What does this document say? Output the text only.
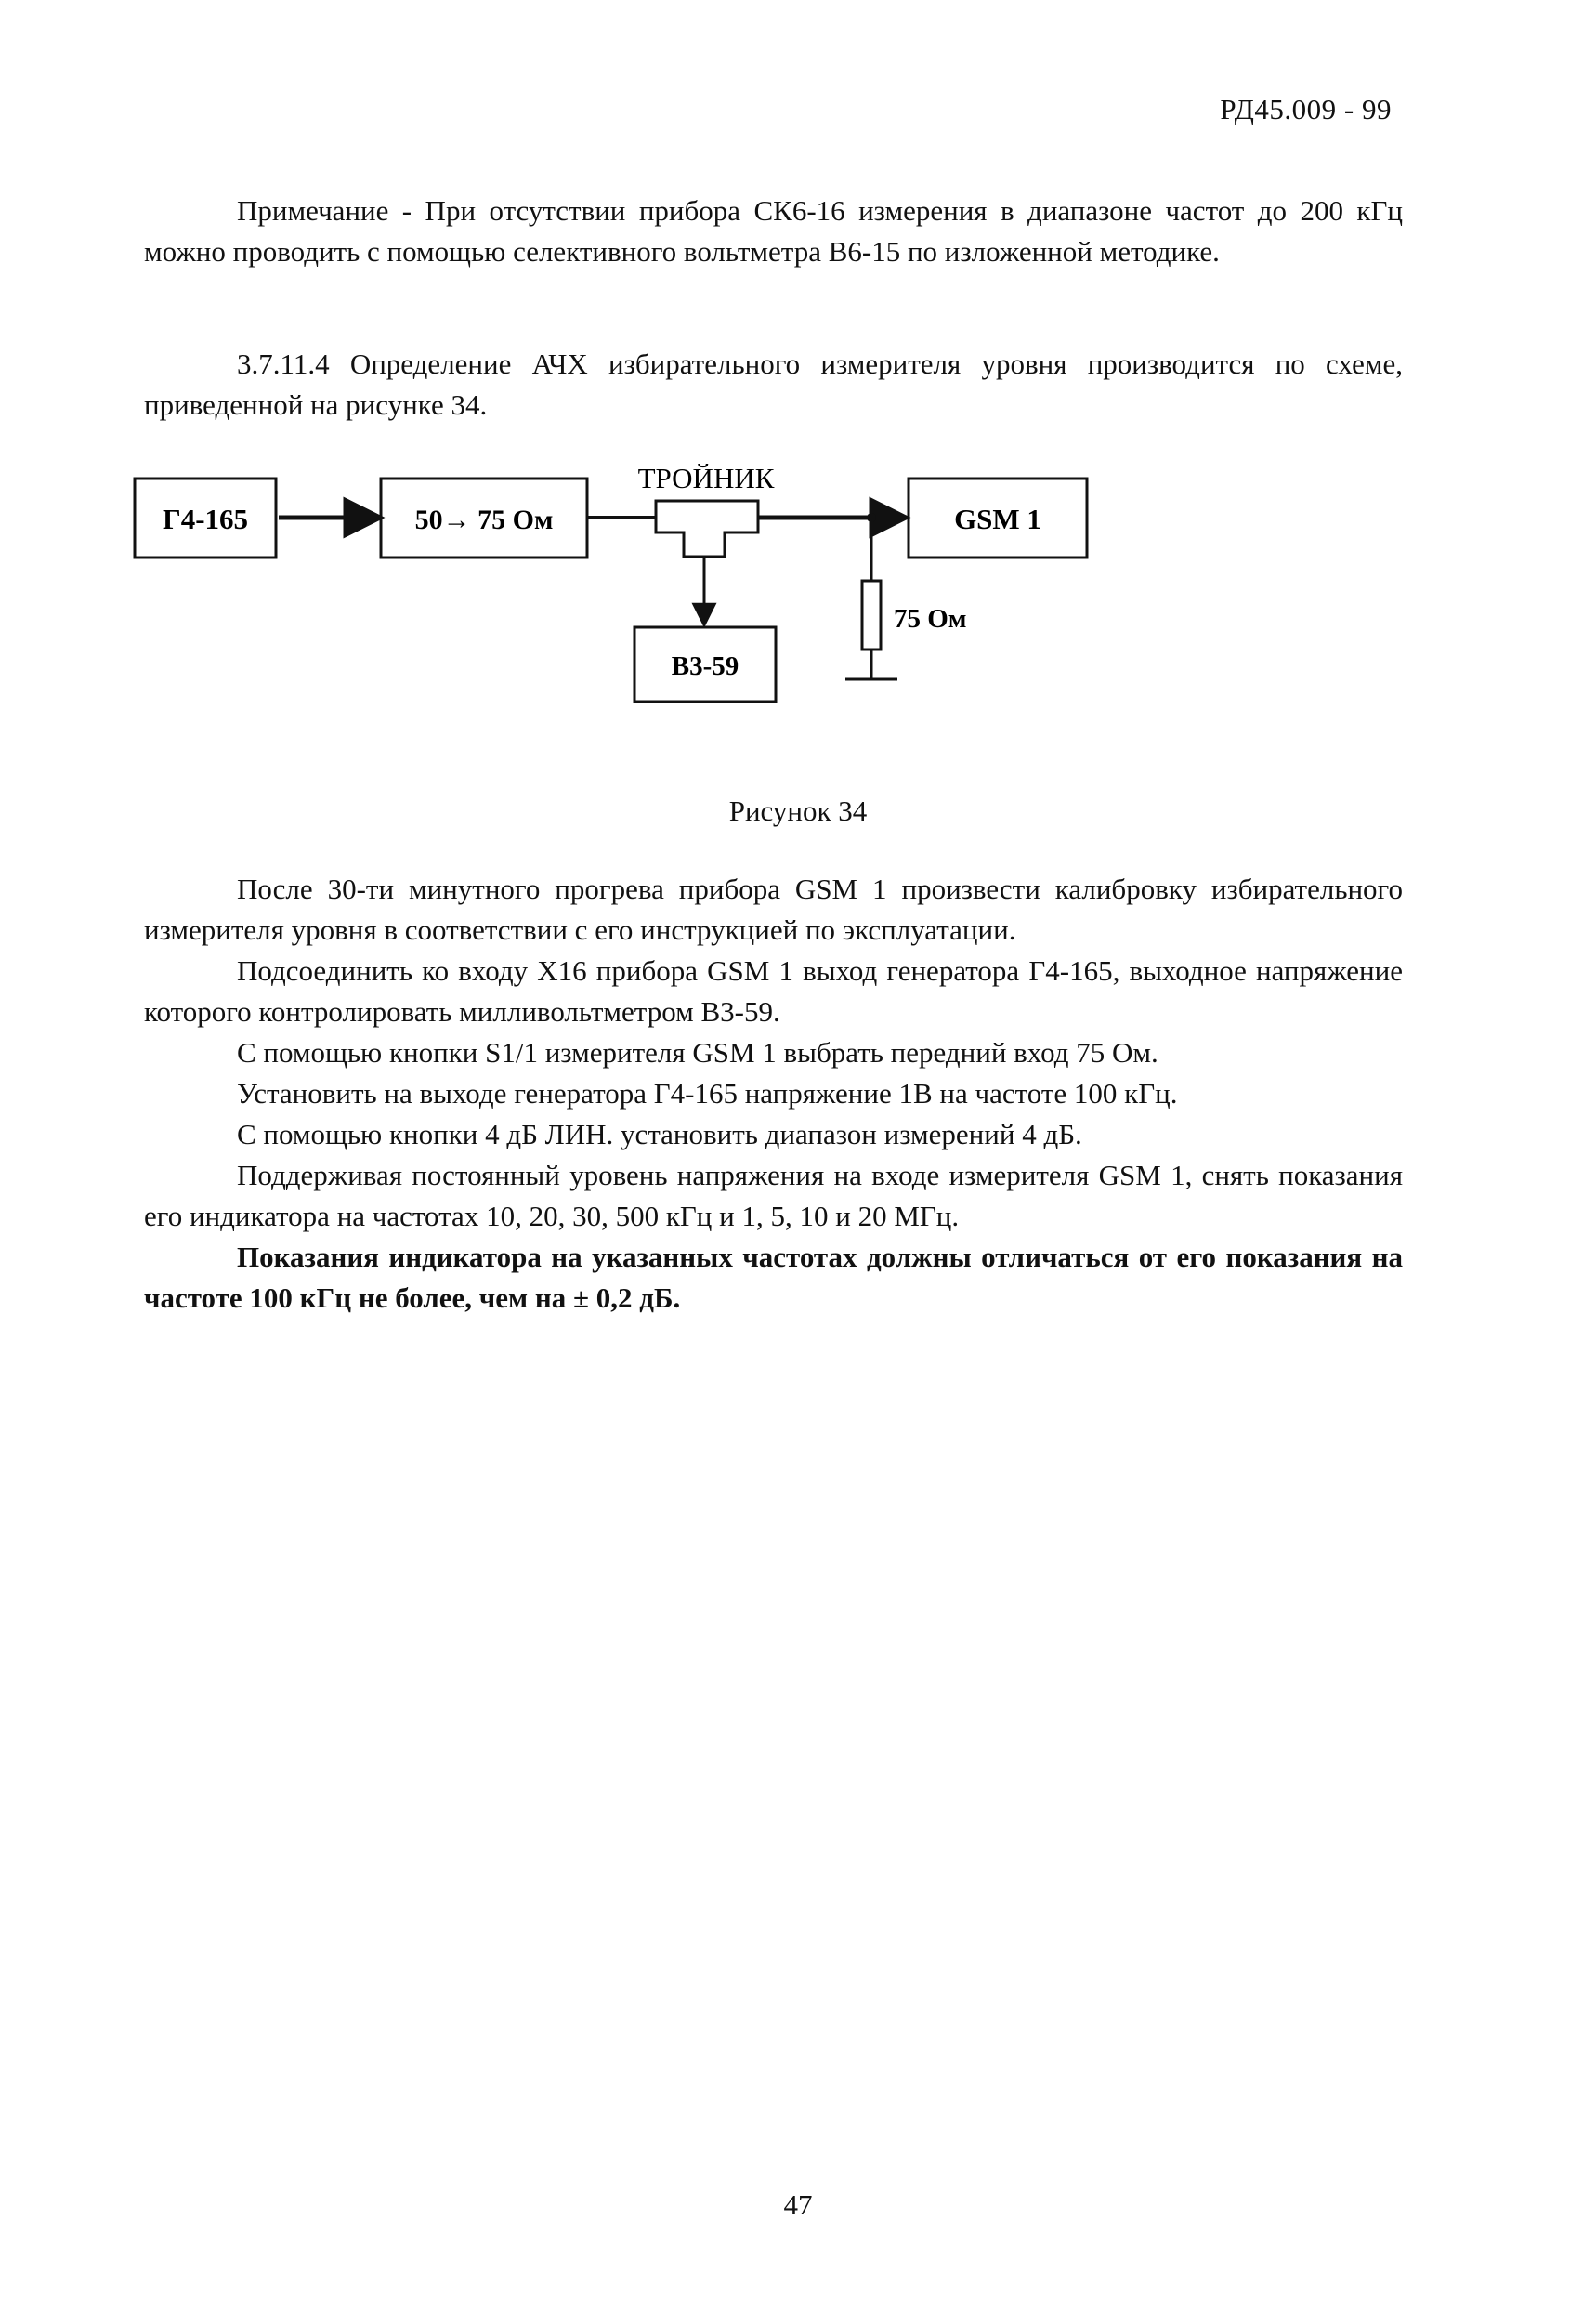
РД45.009 - 99

Примечание - При отсутствии прибора СК6-16 измерения в диапазоне частот до 200 кГц можно проводить с помощью селективного вольтметра В6-15 по изложенной методике.

3.7.11.4 Определение АЧХ избирательного измерителя уровня производится по схеме, приведенной на рисунке 34.

Г4-165	50→ 75 Ом
ТРОЙНИК
GSM 1
75 Ом
В3-59
Рисунок 34

После 30-ти минутного прогрева прибора GSM 1 произвести калибровку избирательного измерителя уровня в соответствии с его инструкцией по эксплуатации.

Подсоединить ко входу Х16 прибора GSM 1 выход генератора Г4-165, выходное напряжение которого контролировать милливольтметром В3-59.

С помощью кнопки S1/1 измерителя GSM 1 выбрать передний вход 75 Ом.

Установить на выходе генератора Г4-165 напряжение 1В на частоте 100 кГц.

С помощью кнопки 4 дБ ЛИН. установить диапазон измерений 4 дБ.

Поддерживая постоянный уровень напряжения на входе измерителя GSM 1, снять показания его индикатора на частотах 10, 20, 30, 500 кГц и 1, 5, 10 и 20 МГц.

Показания индикатора на указанных частотах должны отличаться от его показания на частоте 100 кГц не более, чем на ± 0,2 дБ.

47
